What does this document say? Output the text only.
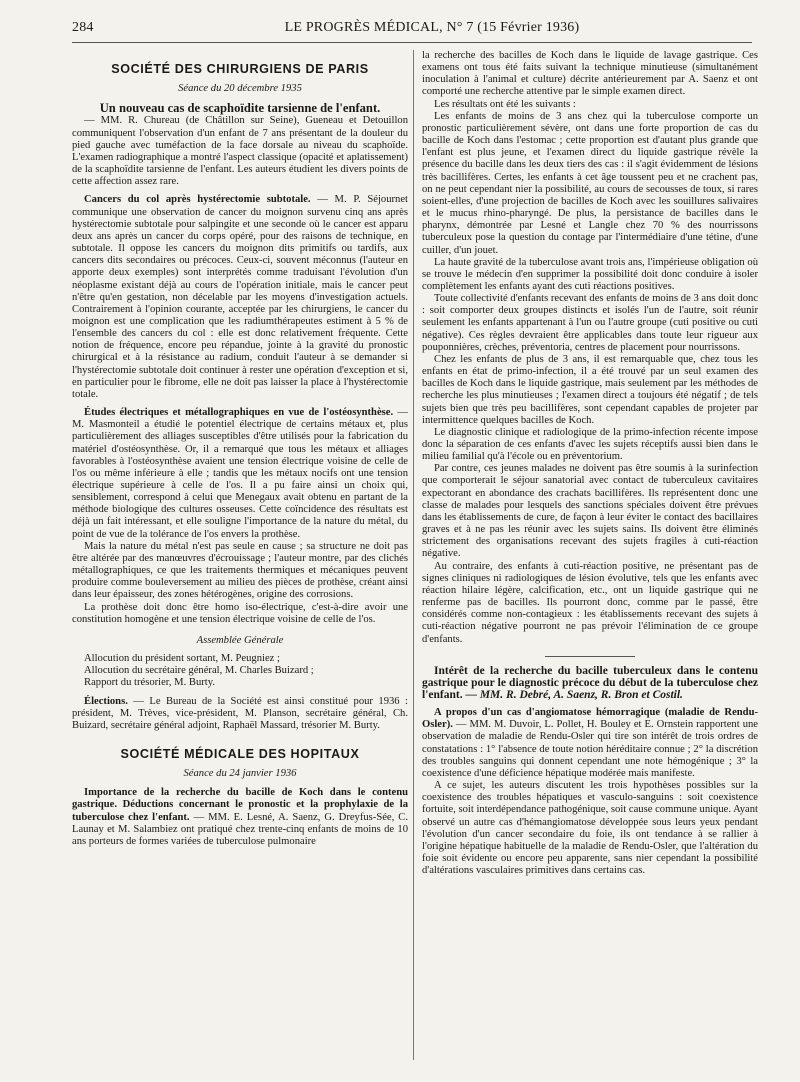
284	LE PROGRÈS MÉDICAL, N° 7 (15 Février 1936)
SOCIÉTÉ DES CHIRURGIENS DE PARIS
Séance du 20 décembre 1935
Un nouveau cas de scaphoïdite tarsienne de l'enfant.

— MM. R. Chureau (de Châtillon sur Seine), Gueneau et Detouillon communiquent l'observation d'un enfant de 7 ans présentant de la douleur du pied gauche avec tuméfaction de la face dorsale au niveau du scaphoïde. L'examen radiographique a montré l'aspect classique (opacité et aplatissement) de la scaphoïdite tarsienne de l'enfant. Les auteurs étudient les divers points de cette affection assez rare.

Cancers du col après hystérectomie subtotale. — M. P. Séjournet communique une observation de cancer du moignon survenu cinq ans après hystérectomie subtotale pour salpingite et une seconde où le cancer est apparu deux ans après un cancer du corps opéré, pour des raisons de technique, en subtotale. Il oppose les cancers du moignon dits primitifs ou tardifs, aux cancers dits secondaires ou précoces. Ceux-ci, souvent méconnus (l'auteur en apporte deux exemples) sont interprétés comme traduisant l'évolution d'un néoplasme existant déjà au cours de l'opération initiale, mais le cancer peut n'être qu'en gestation, non décelable par les moyens d'investigation actuels. Contrairement à l'opinion courante, acceptée par les chirurgiens, le cancer du moignon est une complication que les radiumthérapeutes estiment à 5 % de l'ensemble des cancers du col : elle est donc relativement fréquente. Cette notion de fréquence, encore peu répandue, jointe à la gravité du pronostic chirurgical et à la résistance au radium, conduit l'auteur à se demander si l'hystérectomie subtotale doit continuer à rester une opération d'exception et si, en particulier pour le fibrome, elle ne doit pas laisser la place à l'hystérectomie totale.

Études électriques et métallographiques en vue de l'ostéosynthèse. — M. Masmonteil a étudié le potentiel électrique de certains métaux et, plus particulièrement des alliages susceptibles d'être utilisés pour la fabrication du matériel d'ostéosynthèse. Or, il a remarqué que tous les métaux et alliages favorables à l'ostéosynthèse avaient une tension électrique voisine de celle de l'os ou même inférieure à elle ; tandis que les métaux nocifs ont une tension électrique supérieure à celle de l'os. Il a pu faire ainsi un choix qui, sensiblement, correspond à celui que Menegaux avait obtenu en partant de la méthode biologique des cultures osseuses. Cette coïncidence des résultats est déjà un fait intéressant, et elle souligne l'importance de la nature du métal, du point de vue de la tolérance de l'os envers la prothèse.

Mais la nature du métal n'est pas seule en cause ; sa structure ne doit pas être altérée par des manœuvres d'écrouissage ; l'auteur montre, par des clichés métallographiques, ce que les traitements thermiques et mécaniques peuvent produire comme bouleversement au milieu des pièces de prothèse, créant ainsi dans leur épaisseur, des zones hétérogènes, origine des corrosions.

La prothèse doit donc être homo iso-électrique, c'est-à-dire avoir une constitution homogène et une tension électrique voisine de celle de l'os.

Assemblée Générale

Allocution du président sortant, M. Peugniez ;

Allocution du secrétaire général, M. Charles Buizard ;

Rapport du trésorier, M. Burty.

Élections. — Le Bureau de la Société est ainsi constitué pour 1936 : président, M. Trèves, vice-président, M. Planson, secrétaire général, Ch. Buizard, secrétaire général adjoint, Raphaël Massard, trésorier M. Burty.

SOCIÉTÉ MÉDICALE DES HOPITAUX
Séance du 24 janvier 1936

Importance de la recherche du bacille de Koch dans le contenu gastrique. Déductions concernant le pronostic et la prophylaxie de la tuberculose chez l'enfant. — MM. E. Lesné, A. Saenz, G. Dreyfus-Sée, C. Launay et M. Salambiez ont pratiqué chez trente-cinq enfants de moins de 10 ans porteurs de formes variées de tuberculose pulmonaire

la recherche des bacilles de Koch dans le liquide de lavage gastrique. Ces examens ont tous été faits suivant la technique minutieuse (simultanément inoculation à l'animal et culture) décrite antérieurement par A. Saenz et ont comporté une recherche attentive par le simple examen direct.

Les résultats ont été les suivants :

Les enfants de moins de 3 ans chez qui la tuberculose comporte un pronostic particulièrement sévère, ont dans une forte proportion de cas du bacille de Koch dans l'estomac ; cette proportion est d'autant plus grande que l'enfant est plus jeune, et l'examen direct du liquide gastrique révèle la présence du bacille dans les deux tiers des cas : il s'agit évidemment de lésions très bacillifères. Certes, les enfants à cet âge toussent peu et ne crachent pas, on ne peut cependant nier la possibilité, au cours de secousses de toux, si rares soient-elles, d'une projection de bacilles de Koch avec les souillures salivaires et le mucus rhino-pharyngé. De plus, la persistance de bacilles dans le pharynx, démontrée par Lesné et Langle chez 70 % des nourrissons tuberculeux pose la question du contage par l'intermédiaire d'une tétine, d'une cuiller, d'un jouet.

La haute gravité de la tuberculose avant trois ans, l'impérieuse obligation où se trouve le médecin d'en supprimer la possibilité doit donc conduire à isoler complètement les enfants ayant des cuti réactions positives.

Toute collectivité d'enfants recevant des enfants de moins de 3 ans doit donc : soit comporter deux groupes distincts et isolés l'un de l'autre, soit réunir seulement les enfants appartenant à l'un ou l'autre groupe (cuti positive ou cuti négative). Ces règles devraient être applicables dans toute leur rigueur aux pouponnières, crèches, préventoria, centres de placement pour nourrissons.

Chez les enfants de plus de 3 ans, il est remarquable que, chez tous les enfants en état de primo-infection, il a été trouvé par un seul examen des bacilles de Koch dans le liquide gastrique, mais seulement par les méthodes de recherche les plus minutieuses ; l'examen direct a toujours été négatif ; de tels sujets bien que très peu bacillifères, sont cependant capables de projeter par intermittence quelques bacilles de Koch.

Le diagnostic clinique et radiologique de la primo-infection récente impose donc la séparation de ces enfants d'avec les sujets réceptifs aussi bien dans le milieu familial qu'à l'école ou en préventorium.

Par contre, ces jeunes malades ne doivent pas être soumis à la surinfection que comporterait le séjour sanatorial avec contact de tuberculeux cavitaires expectorant en abondance des crachats bacillifères. Ils représentent donc une classe de malades pour lesquels des sanctions spéciales doivent être prévues dans les établissements de cure, de façon à leur éviter le contact des bacillaires graves et à ne pas les réunir avec les sujets sains. Ils doivent être éliminés strictement des organisations recevant des sujets fragiles à cuti-réaction négative.

Au contraire, des enfants à cuti-réaction positive, ne présentant pas de signes cliniques ni radiologiques de lésion évolutive, tels que les enfants avec réaction hilaire légère, calcification, etc., ont un liquide gastrique qui ne renferme pas de bacilles. Ils pourront donc, comme par le passé, être considérés comme non-contagieux : les établissements recevant des sujets à cuti-réaction négative pourront ne pas prévoir l'élimination de ce groupe d'enfants.

Intérêt de la recherche du bacille tuberculeux dans le contenu gastrique pour le diagnostic précoce du début de la tuberculose chez l'enfant. — MM. R. Debré, A. Saenz, R. Bron et Costil.

A propos d'un cas d'angiomatose hémorragique (maladie de Rendu-Osler). — MM. M. Duvoir, L. Pollet, H. Bouley et E. Ornstein rapportent une observation de maladie de Rendu-Osler qui tire son intérêt de trois ordres de constatations : 1° l'absence de toute notion héréditaire connue ; 2° la discrétion des troubles sanguins qui donnent cependant une note hémogénique ; 3° la coexistence d'une déficience hépatique modérée mais manifeste.

A ce sujet, les auteurs discutent les trois hypothèses possibles sur la coexistence des troubles hépatiques et vasculo-sanguins : soit coexistence fortuite, soit interdépendance pathogénique, soit cause commune unique. Ayant observé un autre cas d'hémangiomatose développée sous leurs yeux pendant l'évolution d'un cancer secondaire du foie, ils ont tendance à se rallier à l'origine hépatique habituelle de la maladie de Rendu-Osler, que l'altération du foie soit évidente ou encore peu apparente, sans nier cependant la possibilité d'altérations vasculaires primitives dans certains cas.
